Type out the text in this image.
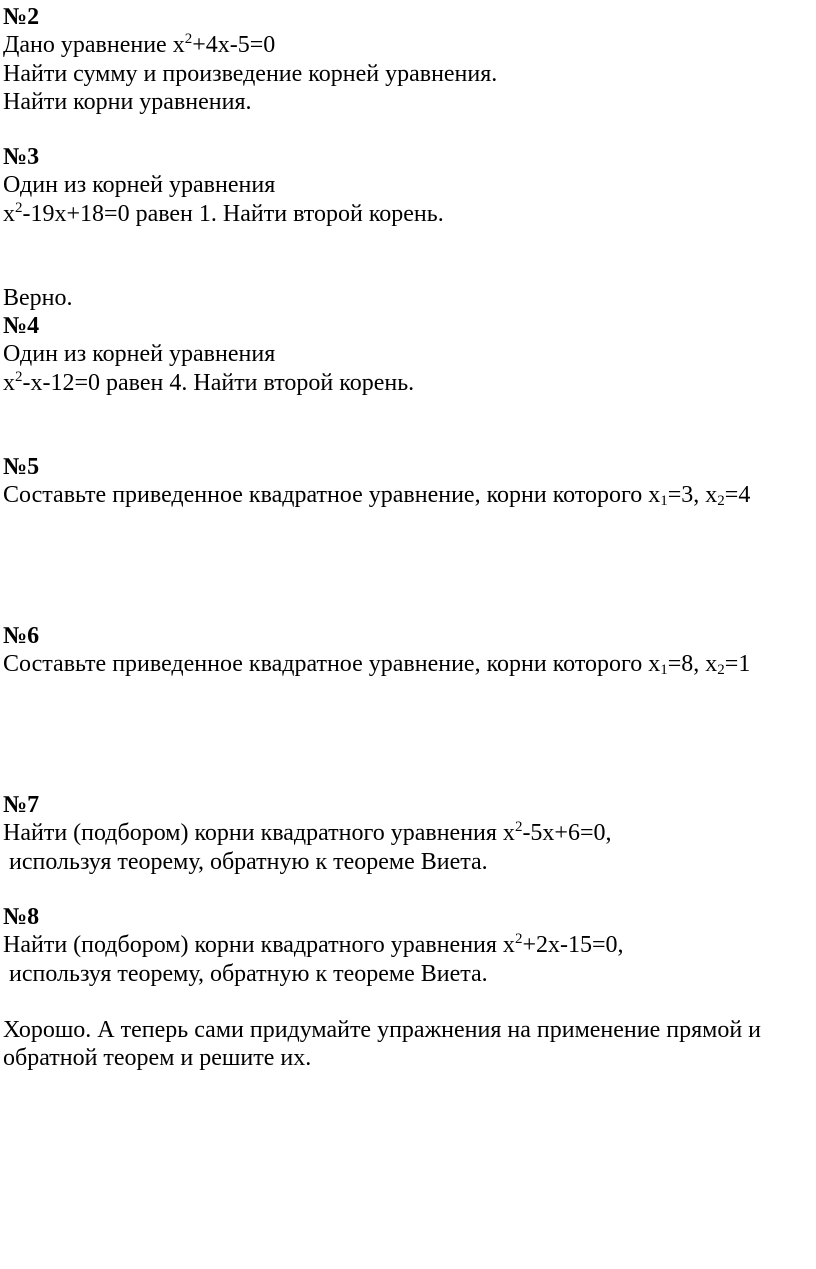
№2
Дано уравнение $х^2+4х-5=0$
Найти сумму и произведение корней уравнения.
Найти корни уравнения.
№3
Один из корней уравнения
$х^2-19х+18=0$ равен 1. Найти второй корень.
Верно.
№4
Один из корней уравнения
$х^2-х-12=0$ равен 4. Найти второй корень.
№5
Составьте приведенное квадратное уравнение, корни которого $х_1=3$, $х_2=4$
№6
Составьте приведенное квадратное уравнение, корни которого $х_1=8$, $х_2=1$
№7
Найти (подбором) корни квадратного уравнения $х^2-5х+6=0$,
используя теорему, обратную к теореме Виета.
№8
Найти (подбором) корни квадратного уравнения $х^2+2х-15=0$,
используя теорему, обратную к теореме Виета.
Хорошо. А теперь сами придумайте упражнения на применение прямой и
обратной теорем и решите их.
